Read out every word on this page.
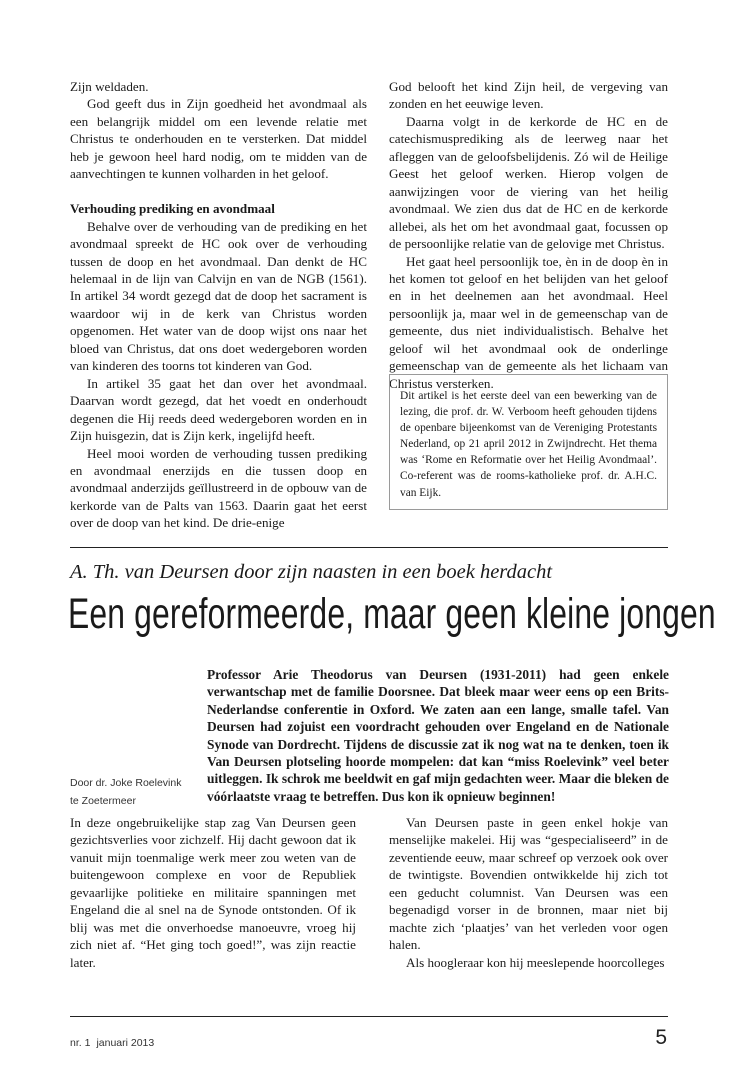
Zijn weldaden.

God geeft dus in Zijn goedheid het avondmaal als een belangrijk middel om een levende relatie met Christus te onderhouden en te versterken. Dat middel heb je gewoon heel hard nodig, om te midden van de aanvechtingen te kunnen volharden in het geloof.

Verhouding prediking en avondmaal

Behalve over de verhouding van de prediking en het avondmaal spreekt de HC ook over de verhouding tussen de doop en het avondmaal. Dan denkt de HC helemaal in de lijn van Calvijn en van de NGB (1561). In artikel 34 wordt gezegd dat de doop het sacrament is waardoor wij in de kerk van Christus worden opgenomen. Het water van de doop wijst ons naar het bloed van Christus, dat ons doet wedergeboren worden van kinderen des toorns tot kinderen van God.

In artikel 35 gaat het dan over het avondmaal. Daarvan wordt gezegd, dat het voedt en onderhoudt degenen die Hij reeds deed wedergeboren worden en in Zijn huisgezin, dat is Zijn kerk, ingelijfd heeft.

Heel mooi worden de verhouding tussen prediking en avondmaal enerzijds en die tussen doop en avondmaal anderzijds geïllustreerd in de opbouw van de kerkorde van de Palts van 1563. Daarin gaat het eerst over de doop van het kind. De drie-enige

God belooft het kind Zijn heil, de vergeving van zonden en het eeuwige leven.

Daarna volgt in de kerkorde de HC en de catechismusprediking als de leerweg naar het afleggen van de geloofsbelijdenis. Zó wil de Heilige Geest het geloof werken. Hierop volgen de aanwijzingen voor de viering van het heilig avondmaal. We zien dus dat de HC en de kerkorde allebei, als het om het avondmaal gaat, focussen op de persoonlijke relatie van de gelovige met Christus.

Het gaat heel persoonlijk toe, èn in de doop èn in het komen tot geloof en het belijden van het geloof en in het deelnemen aan het avondmaal. Heel persoonlijk ja, maar wel in de gemeenschap van de gemeente, dus niet individualistisch. Behalve het geloof wil het avondmaal ook de onderlinge gemeenschap van de gemeente als het lichaam van Christus versterken.

Dit artikel is het eerste deel van een bewerking van de lezing, die prof. dr. W. Verboom heeft gehouden tijdens de openbare bijeenkomst van de Vereniging Protestants Nederland, op 21 april 2012 in Zwijndrecht. Het thema was ‘Rome en Reformatie over het Heilig Avondmaal’. Co-referent was de rooms-katholieke prof. dr. A.H.C. van Eijk.
A. Th. van Deursen door zijn naasten in een boek herdacht
Een gereformeerde, maar geen kleine jongen

Professor Arie Theodorus van Deursen (1931-2011) had geen enkele verwantschap met de familie Doorsnee. Dat bleek maar weer eens op een Brits-Nederlandse conferentie in Oxford. We zaten aan een lange, smalle tafel. Van Deursen had zojuist een voordracht gehouden over Engeland en de Nationale Synode van Dordrecht. Tijdens de discussie zat ik nog wat na te denken, toen ik Van Deursen plotseling hoorde mompelen: dat kan “miss Roelevink” veel beter uitleggen. Ik schrok me beeldwit en gaf mijn gedachten weer. Maar die bleken de vóórlaatste vraag te betreffen. Dus kon ik opnieuw beginnen!

Door dr. Joke Roelevink
te Zoetermeer

In deze ongebruikelijke stap zag Van Deursen geen gezichtsverlies voor zichzelf. Hij dacht gewoon dat ik vanuit mijn toenmalige werk meer zou weten van de buitengewoon complexe en voor de Republiek gevaarlijke politieke en militaire spanningen met Engeland die al snel na de Synode ontstonden. Of ik blij was met die onverhoedse manoeuvre, vroeg hij zich niet af. “Het ging toch goed!”, was zijn reactie later.

Van Deursen paste in geen enkel hokje van menselijke makelei. Hij was “gespecialiseerd” in de zeventiende eeuw, maar schreef op verzoek ook over de twintigste. Bovendien ontwikkelde hij zich tot een geducht columnist. Van Deursen was een begenadigd vorser in de bronnen, maar niet bij machte zich ‘plaatjes’ van het verleden voor ogen halen.

Als hoogleraar kon hij meeslepende hoorcolleges

nr. 1 januari 2013	5
